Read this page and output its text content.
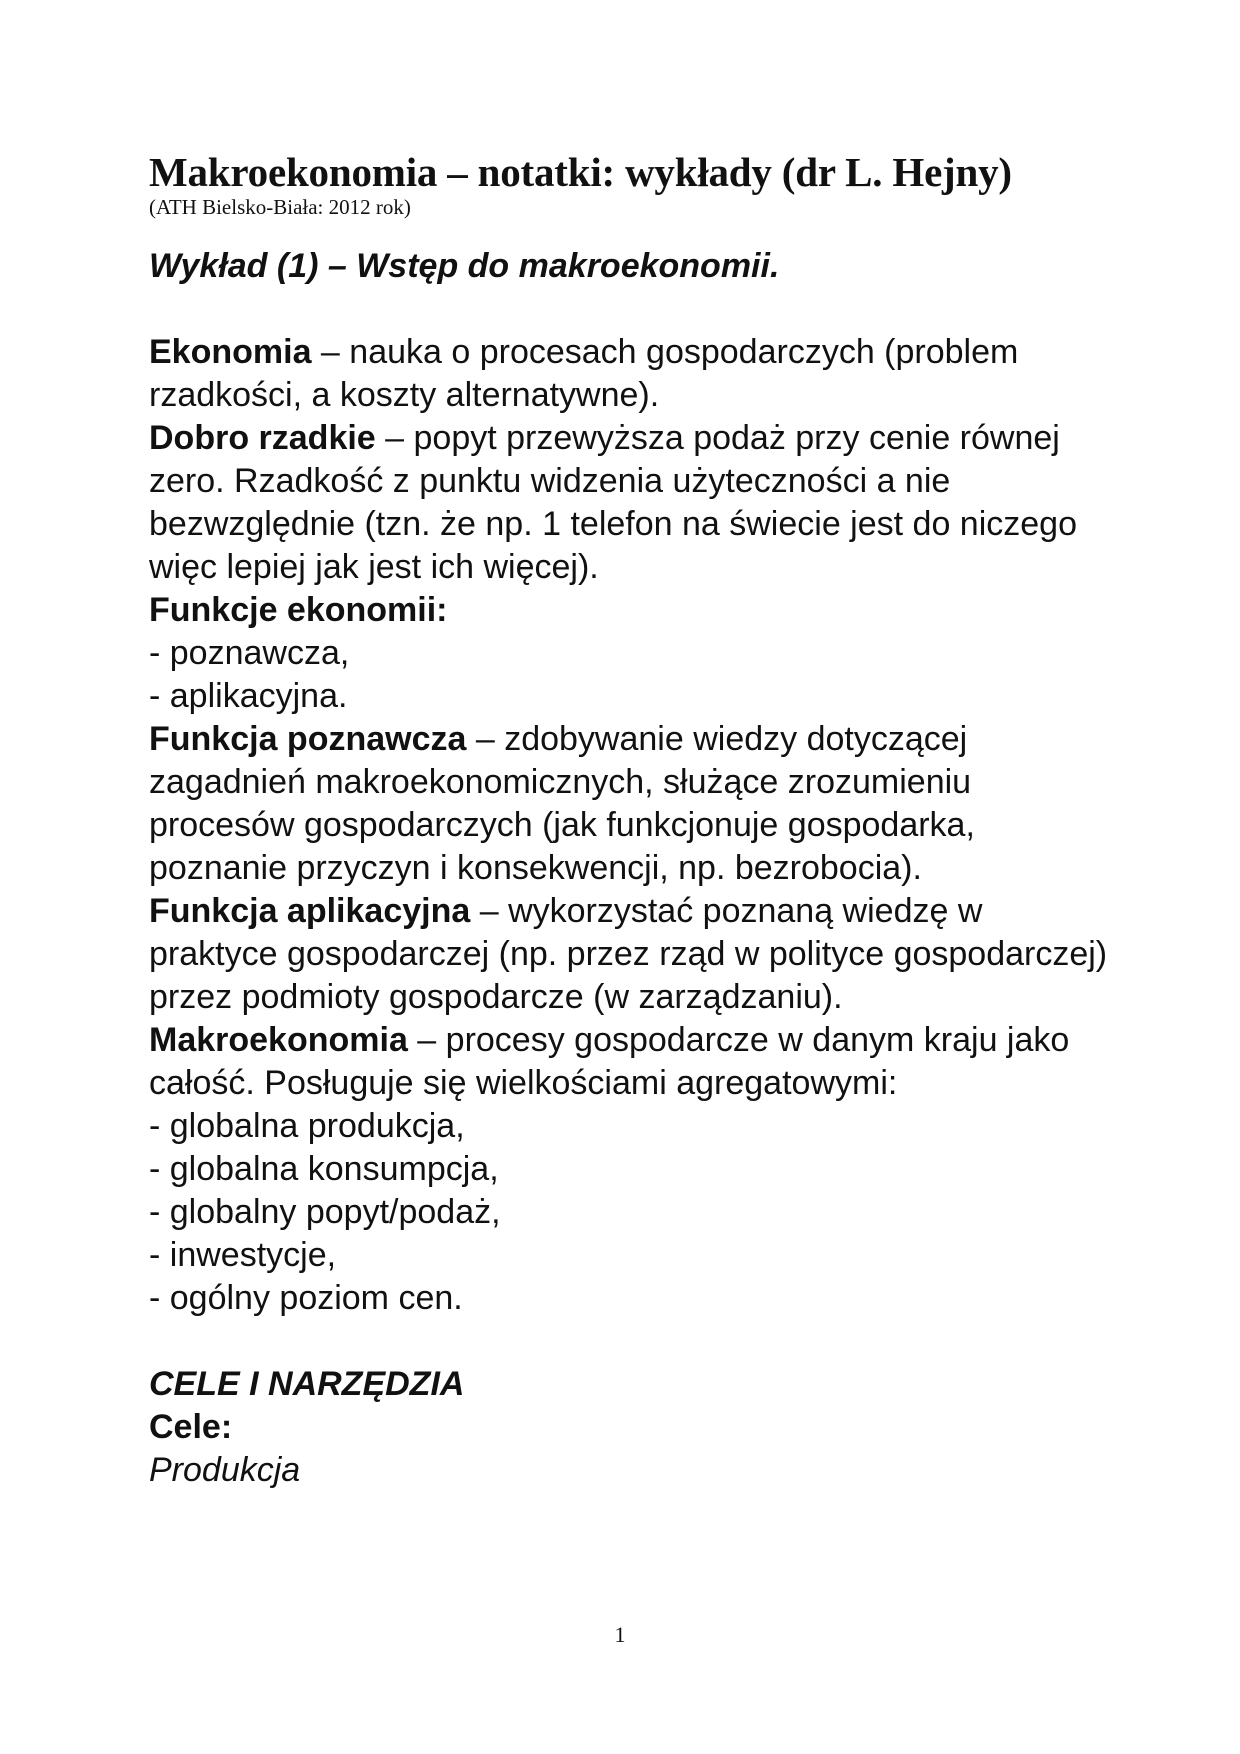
Makroekonomia – notatki: wykłady (dr L. Hejny)

(ATH Bielsko-Biała: 2012 rok)

Wykład (1) – Wstęp do makroekonomii.

Ekonomia – nauka o procesach gospodarczych (problem rzadkości, a koszty alternatywne).

Dobro rzadkie – popyt przewyższa podaż przy cenie równej zero. Rzadkość z punktu widzenia użyteczności a nie bezwzględnie (tzn. że np. 1 telefon na świecie jest do niczego więc lepiej jak jest ich więcej).

Funkcje ekonomii:

- poznawcza,

- aplikacyjna.

Funkcja poznawcza – zdobywanie wiedzy dotyczącej zagadnień makroekonomicznych, służące zrozumieniu procesów gospodarczych (jak funkcjonuje gospodarka, poznanie przyczyn i konsekwencji, np. bezrobocia).

Funkcja aplikacyjna – wykorzystać poznaną wiedzę w praktyce gospodarczej (np. przez rząd w polityce gospodarczej) przez podmioty gospodarcze (w zarządzaniu).

Makroekonomia – procesy gospodarcze w danym kraju jako całość. Posługuje się wielkościami agregatowymi:

- globalna produkcja,

- globalna konsumpcja,

- globalny popyt/podaż,

- inwestycje,

- ogólny poziom cen.

CELE I NARZĘDZIA

Cele:

Produkcja

1
